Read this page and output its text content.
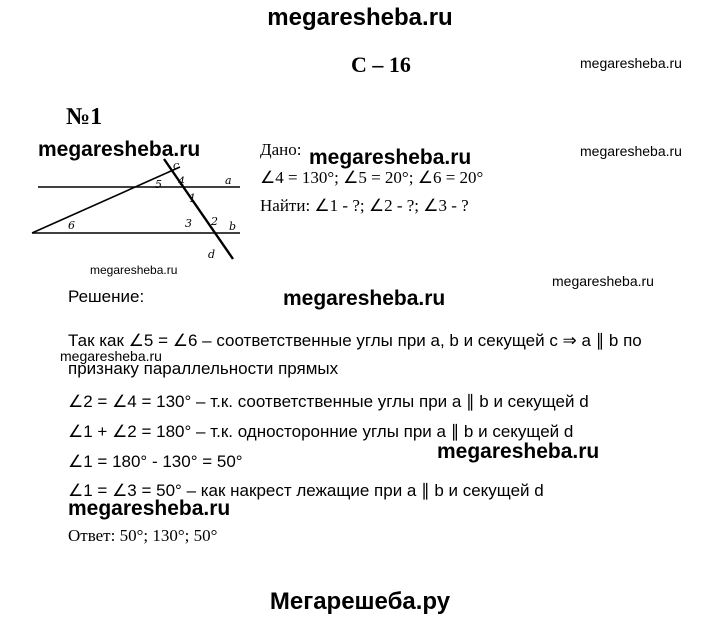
megaresheba.ru
C – 16	megaresheba.ru
№1
megaresheba.ru	Дано: megaresheba.ru	megaresheba.ru
∠4 = 130°; ∠5 = 20°; ∠6 = 20°
Найти: ∠1 - ?; ∠2 - ?; ∠3 - ?
c
a
b
d
4
5
1
2
3
6
megaresheba.ru
megaresheba.ru
Решение:	megaresheba.ru
Так как ∠5 = ∠6 – соответственные углы при a, b и секущей c ⇒ a ∥ b по
megaresheba.ru
признаку параллельности прямых
∠2 = ∠4 = 130° – т.к. соответственные углы при a ∥ b и секущей d
∠1 + ∠2 = 180° – т.к. односторонние углы при a ∥ b и секущей d
megaresheba.ru
∠1 = 180° - 130° = 50°
∠1 = ∠3 = 50° – как накрест лежащие при a ∥ b и секущей d
megaresheba.ru
Ответ: 50°; 130°; 50°
Мегарешеба.ру
